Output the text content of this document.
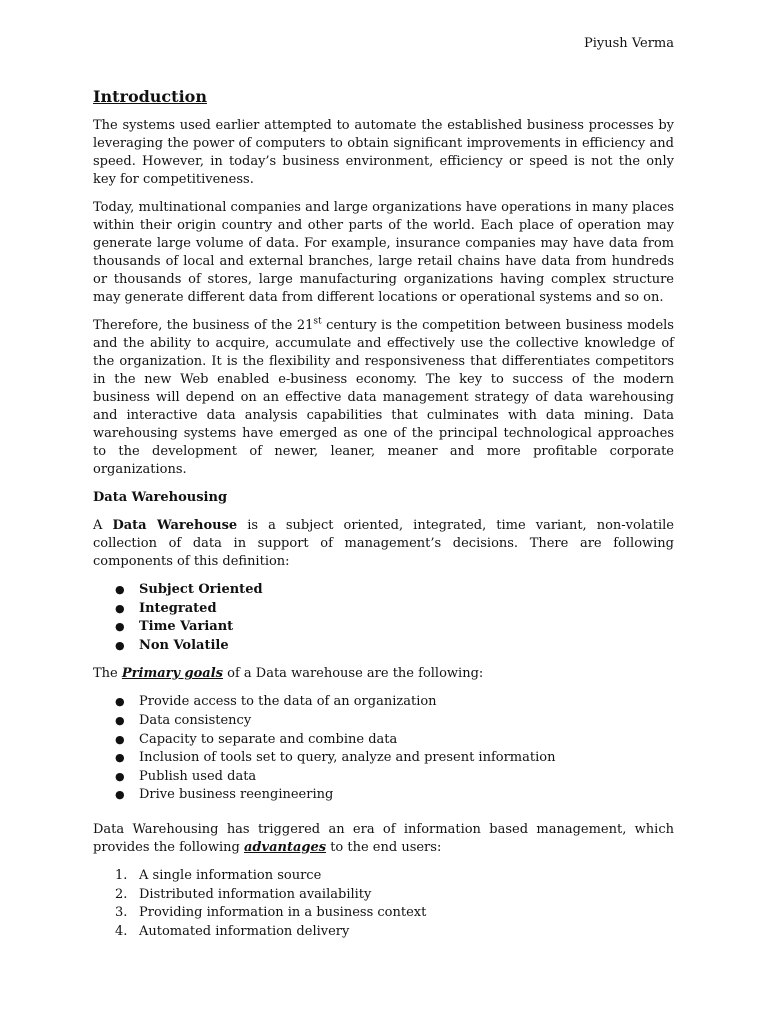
Piyush Verma
Introduction

The systems used earlier attempted to automate the established business processes by leveraging the power of computers to obtain significant improvements in efficiency and speed. However, in today’s business environment, efficiency or speed is not the only key for competitiveness.

Today, multinational companies and large organizations have operations in many places within their origin country and other parts of the world. Each place of operation may generate large volume of data. For example, insurance companies may have data from thousands of local and external branches, large retail chains have data from hundreds or thousands of stores, large manufacturing organizations having complex structure may generate different data from different locations or operational systems and so on.

Therefore, the business of the 21st century is the competition between business models and the ability to acquire, accumulate and effectively use the collective knowledge of the organization. It is the flexibility and responsiveness that differentiates competitors in the new Web enabled e-business economy. The key to success of the modern business will depend on an effective data management strategy of data warehousing and interactive data analysis capabilities that culminates with data mining. Data warehousing systems have emerged as one of the principal technological approaches to the development of newer, leaner, meaner and more profitable corporate organizations.

Data Warehousing

A Data Warehouse is a subject oriented, integrated, time variant, non-volatile collection of data in support of management’s decisions. There are following components of this definition:

● Subject Oriented
● Integrated
● Time Variant
● Non Volatile

The Primary goals of a Data warehouse are the following:

● Provide access to the data of an organization
● Data consistency
● Capacity to separate and combine data
● Inclusion of tools set to query, analyze and present information
● Publish used data
● Drive business reengineering

Data Warehousing has triggered an era of information based management, which provides the following advantages to the end users:

1. A single information source
2. Distributed information availability
3. Providing information in a business context
4. Automated information delivery
